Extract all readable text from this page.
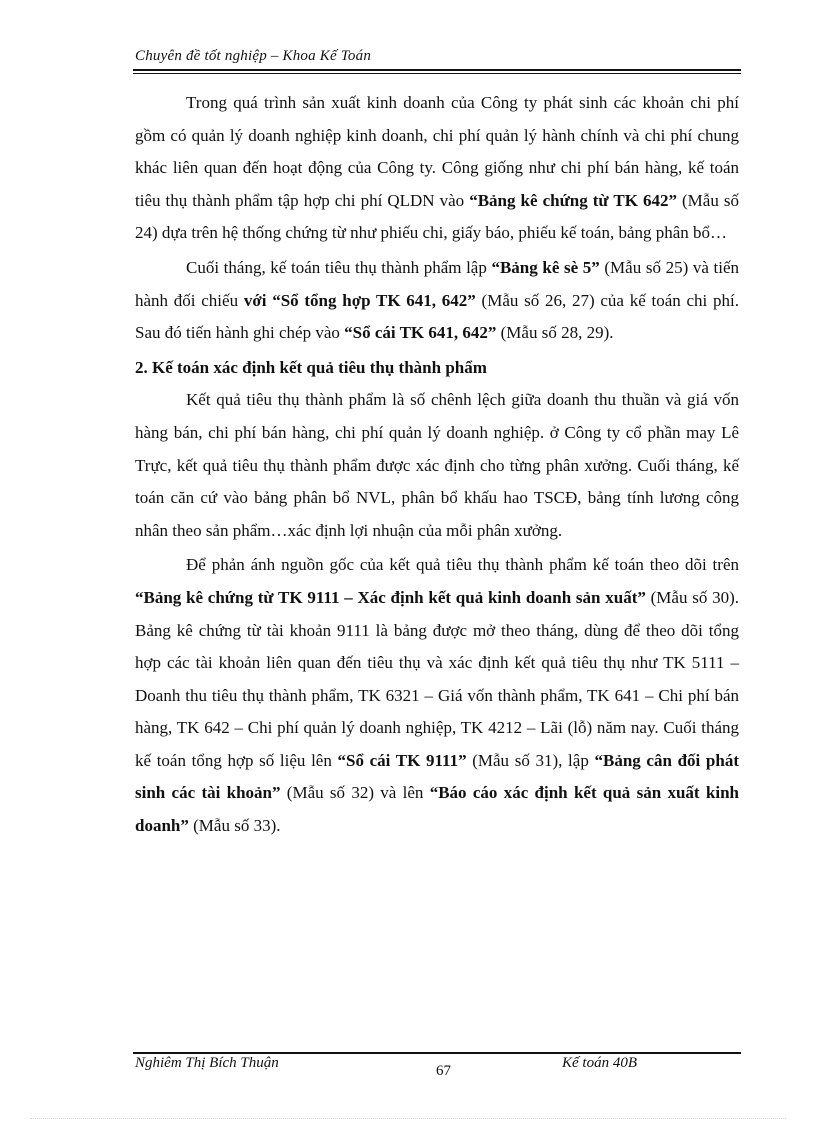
Chuyên đề tốt nghiệp – Khoa Kế Toán

Trong quá trình sản xuất kinh doanh của Công ty phát sinh các khoản chi phí gồm có quản lý doanh nghiệp kinh doanh, chi phí quản lý hành chính và chi phí chung khác liên quan đến hoạt động của Công ty. Công giống như chi phí bán hàng, kế toán tiêu thụ thành phẩm tập hợp chi phí QLDN vào “Bảng kê chứng từ TK 642” (Mẫu số 24) dựa trên hệ thống chứng từ như phiếu chi, giấy báo, phiếu kế toán, bảng phân bổ…

Cuối tháng, kế toán tiêu thụ thành phẩm lập “Bảng kê sè 5” (Mẫu số 25) và tiến hành đối chiếu với “Sổ tổng hợp TK 641, 642” (Mẫu số 26, 27) của kế toán chi phí. Sau đó tiến hành ghi chép vào “Sổ cái TK 641, 642” (Mẫu số 28, 29).

2. Kế toán xác định kết quả tiêu thụ thành phẩm

Kết quả tiêu thụ thành phẩm là số chênh lệch giữa doanh thu thuần và giá vốn hàng bán, chi phí bán hàng, chi phí quản lý doanh nghiệp. ở Công ty cổ phần may Lê Trực, kết quả tiêu thụ thành phẩm được xác định cho từng phân xưởng. Cuối tháng, kế toán căn cứ vào bảng phân bổ NVL, phân bổ khấu hao TSCĐ, bảng tính lương công nhân theo sản phẩm…xác định lợi nhuận của mỗi phân xưởng.

Để phản ánh nguồn gốc của kết quả tiêu thụ thành phẩm kế toán theo dõi trên “Bảng kê chứng từ TK 9111 – Xác định kết quả kinh doanh sản xuất” (Mẫu số 30). Bảng kê chứng từ tài khoản 9111 là bảng được mở theo tháng, dùng để theo dõi tổng hợp các tài khoản liên quan đến tiêu thụ và xác định kết quả tiêu thụ như TK 5111 – Doanh thu tiêu thụ thành phẩm, TK 6321 – Giá vốn thành phẩm, TK 641 – Chi phí bán hàng, TK 642 – Chi phí quản lý doanh nghiệp, TK 4212 – Lãi (lỗ) năm nay. Cuối tháng kế toán tổng hợp số liệu lên “Sổ cái TK 9111” (Mẫu số 31), lập “Bảng cân đối phát sinh các tài khoản” (Mẫu số 32) và lên “Báo cáo xác định kết quả sản xuất kinh doanh” (Mẫu số 33).

Nghiêm Thị Bích Thuận	67	Kế toán 40B
